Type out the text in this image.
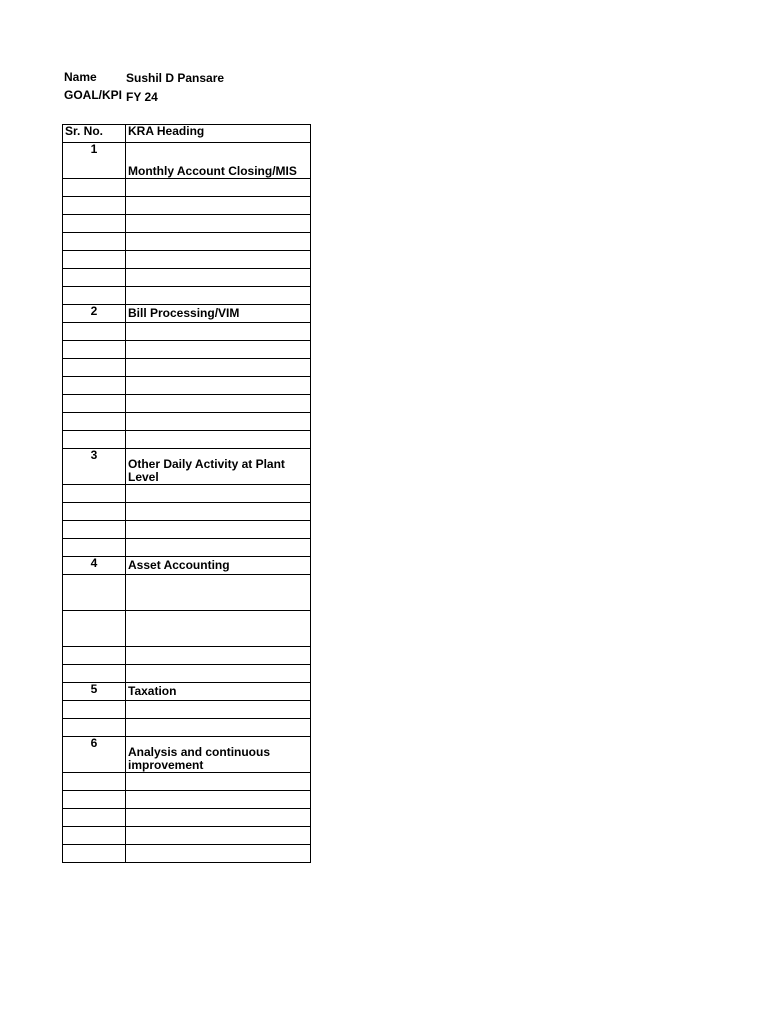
Name Sushil D Pansare
GOAL/KPI FY 24
Sr. No.	KRA Heading
1	Monthly Account Closing/MIS

2	Bill Processing/VIM

3	Other Daily Activity at Plant Level

4	Asset Accounting

5	Taxation

6	Analysis and continuous improvement
